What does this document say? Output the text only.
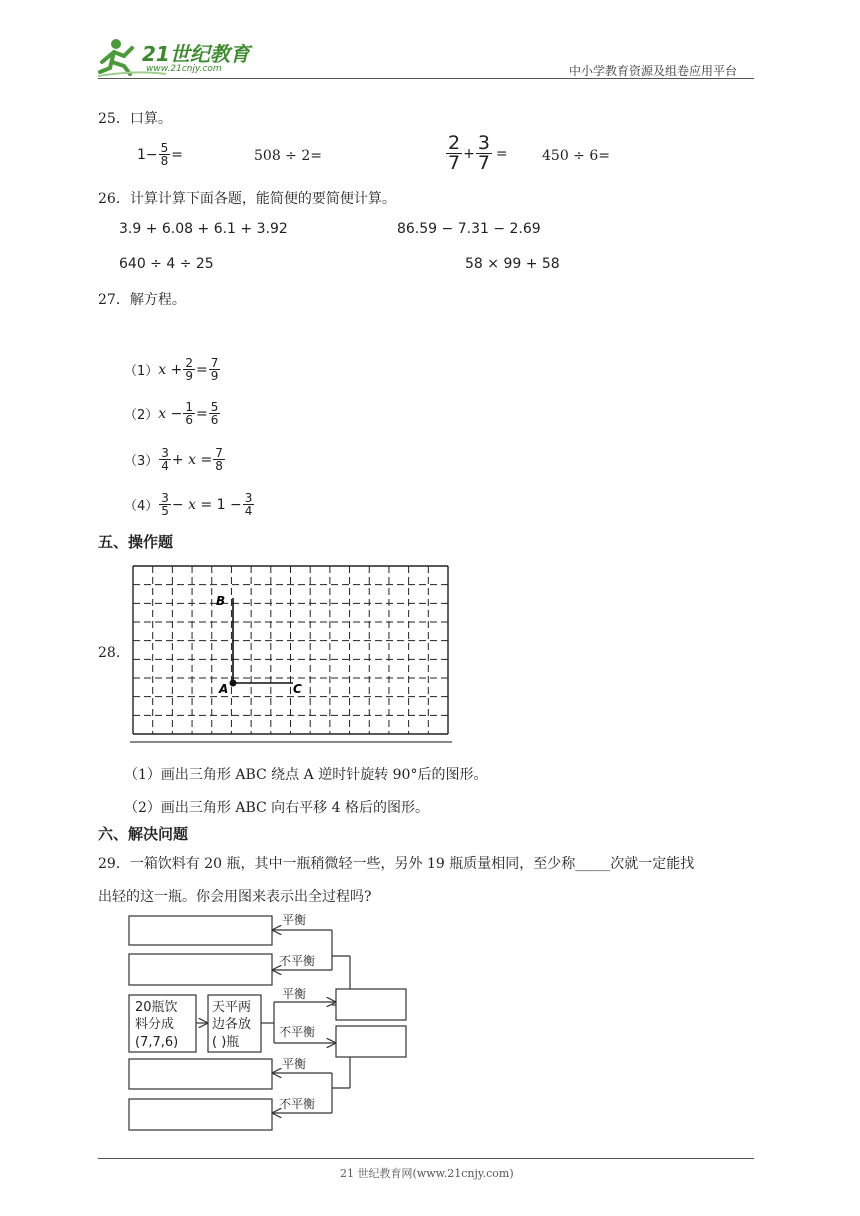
21世纪教育
www.21cnjy.com	中小学教育资源及组卷应用平台
25．口算。
$1- \frac{5}{8}$ =	508 ÷ 2=	$\frac{2}{7} + \frac{3}{7} = 450 \div 6=$
26．计算计算下面各题，能简便的要简便计算。
3.9 + 6.08 + 6.1 + 3.92	86.59 − 7.31 − 2.69
640 ÷ 4 ÷ 25	58 × 99 + 58
27．解方程。
（1） x
+ $\frac{2}{9} = \frac{7}{9}$
（2） x
− $\frac{1}{6} = \frac{5}{6}$
$(3) \frac{3}{4}$ +
x
= $\frac{7}{8}$
$(4) \frac{3}{5}$ −
x
= $1 - \frac{3}{4}$
五、操作题
28.
B
A	C
（1）画出三角形 ABC 绕点 A 逆时针旋转 90°后的图形。
（2）画出三角形 ABC 向右平移 4 格后的图形。
六、解决问题
29．一箱饮料有 20 瓶，其中一瓶稍微轻一些，另外 19 瓶质量相同，至少称_____次就一定能找
出轻的这一瓶。你会用图来表示出全过程吗?
平衡
不平衡
平衡
不平衡
平衡
不平衡
20瓶饮
料分成
(7,7,6)
天平两
边各放
( )瓶
21 世纪教育网(www.21cnjy.com)
